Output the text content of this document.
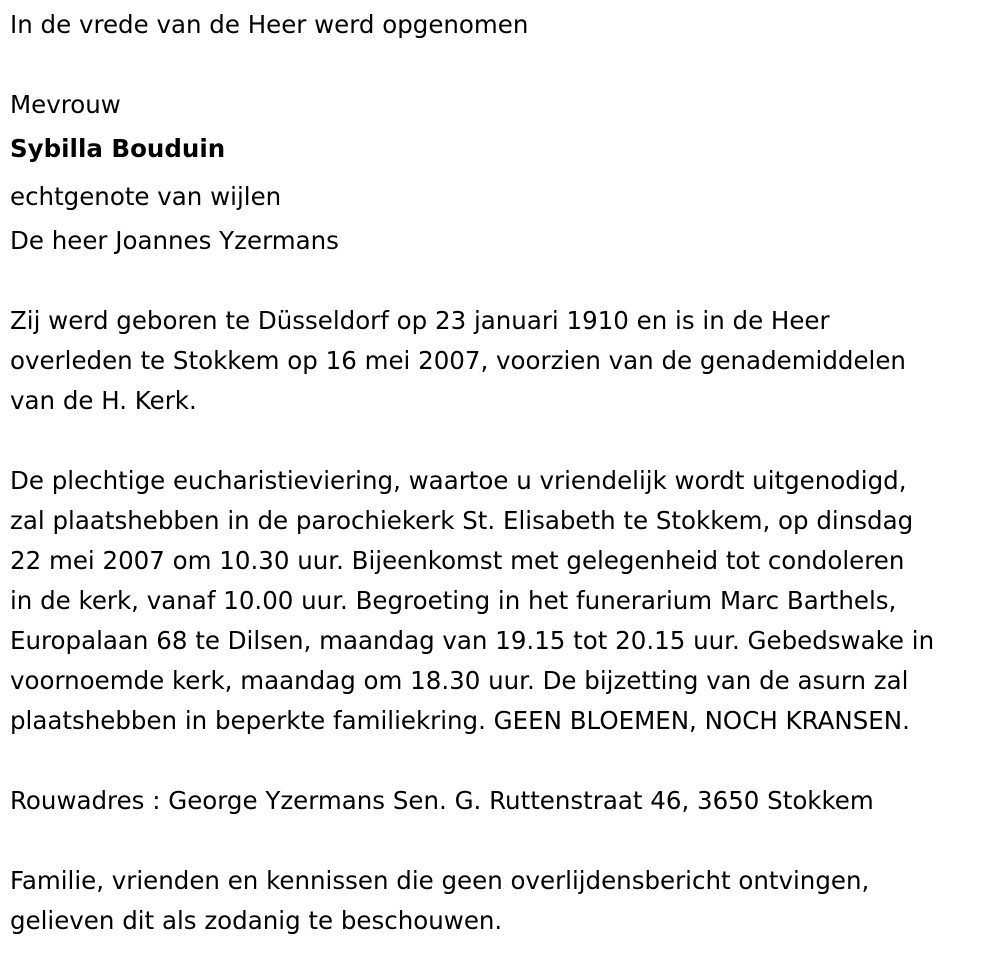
In de vrede van de Heer werd opgenomen
Mevrouw
Sybilla Bouduin
echtgenote van wijlen
De heer Joannes Yzermans
Zij werd geboren te Düsseldorf op 23 januari 1910 en is in de Heer
overleden te Stokkem op 16 mei 2007, voorzien van de genademiddelen
van de H. Kerk.
De plechtige eucharistieviering, waartoe u vriendelijk wordt uitgenodigd,
zal plaatshebben in de parochiekerk St. Elisabeth te Stokkem, op dinsdag
22 mei 2007 om 10.30 uur. Bijeenkomst met gelegenheid tot condoleren
in de kerk, vanaf 10.00 uur. Begroeting in het funerarium Marc Barthels,
Europalaan 68 te Dilsen, maandag van 19.15 tot 20.15 uur. Gebedswake in
voornoemde kerk, maandag om 18.30 uur. De bijzetting van de asurn zal
plaatshebben in beperkte familiekring. GEEN BLOEMEN, NOCH KRANSEN.
Rouwadres : George Yzermans Sen. G. Ruttenstraat 46, 3650 Stokkem
Familie, vrienden en kennissen die geen overlijdensbericht ontvingen,
gelieven dit als zodanig te beschouwen.
